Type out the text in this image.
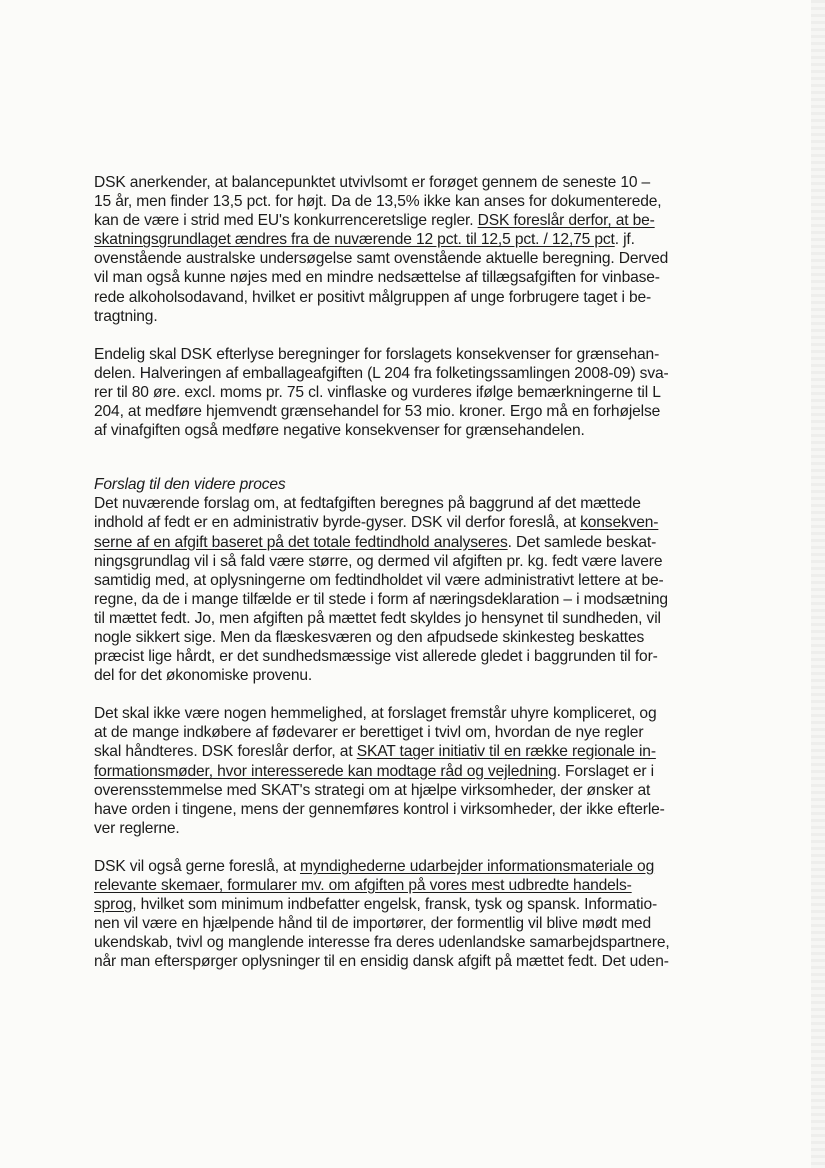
DSK anerkender, at balancepunktet utvivlsomt er forøget gennem de seneste 10 –
15 år, men finder 13,5 pct. for højt. Da de 13,5% ikke kan anses for dokumenterede,
kan de være i strid med EU's konkurrenceretslige regler. DSK foreslår derfor, at be-
skatningsgrundlaget ændres fra de nuværende 12 pct. til 12,5 pct. / 12,75 pct. jf.
ovenstående australske undersøgelse samt ovenstående aktuelle beregning. Derved
vil man også kunne nøjes med en mindre nedsættelse af tillægsafgiften for vinbase-
rede alkoholsodavand, hvilket er positivt målgruppen af unge forbrugere taget i be-
tragtning.

Endelig skal DSK efterlyse beregninger for forslagets konsekvenser for grænsehan-
delen. Halveringen af emballageafgiften (L 204 fra folketingssamlingen 2008-09) sva-
rer til 80 øre. excl. moms pr. 75 cl. vinflaske og vurderes ifølge bemærkningerne til L
204, at medføre hjemvendt grænsehandel for 53 mio. kroner. Ergo må en forhøjelse
af vinafgiften også medføre negative konsekvenser for grænsehandelen.

Forslag til den videre proces

Det nuværende forslag om, at fedtafgiften beregnes på baggrund af det mættede
indhold af fedt er en administrativ byrde-gyser. DSK vil derfor foreslå, at konsekven-
serne af en afgift baseret på det totale fedtindhold analyseres. Det samlede beskat-
ningsgrundlag vil i så fald være større, og dermed vil afgiften pr. kg. fedt være lavere
samtidig med, at oplysningerne om fedtindholdet vil være administrativt lettere at be-
regne, da de i mange tilfælde er til stede i form af næringsdeklaration – i modsætning
til mættet fedt. Jo, men afgiften på mættet fedt skyldes jo hensynet til sundheden, vil
nogle sikkert sige. Men da flæskesværen og den afpudsede skinkesteg beskattes
præcist lige hårdt, er det sundhedsmæssige vist allerede gledet i baggrunden til for-
del for det økonomiske provenu.

Det skal ikke være nogen hemmelighed, at forslaget fremstår uhyre kompliceret, og
at de mange indkøbere af fødevarer er berettiget i tvivl om, hvordan de nye regler
skal håndteres. DSK foreslår derfor, at SKAT tager initiativ til en række regionale in-
formationsmøder, hvor interesserede kan modtage råd og vejledning. Forslaget er i
overensstemmelse med SKAT's strategi om at hjælpe virksomheder, der ønsker at
have orden i tingene, mens der gennemføres kontrol i virksomheder, der ikke efterle-
ver reglerne.

DSK vil også gerne foreslå, at myndighederne udarbejder informationsmateriale og
relevante skemaer, formularer mv. om afgiften på vores mest udbredte handels-
sprog, hvilket som minimum indbefatter engelsk, fransk, tysk og spansk. Informatio-
nen vil være en hjælpende hånd til de importører, der formentlig vil blive mødt med
ukendskab, tvivl og manglende interesse fra deres udenlandske samarbejdspartnere,
når man efterspørger oplysninger til en ensidig dansk afgift på mættet fedt. Det uden-
